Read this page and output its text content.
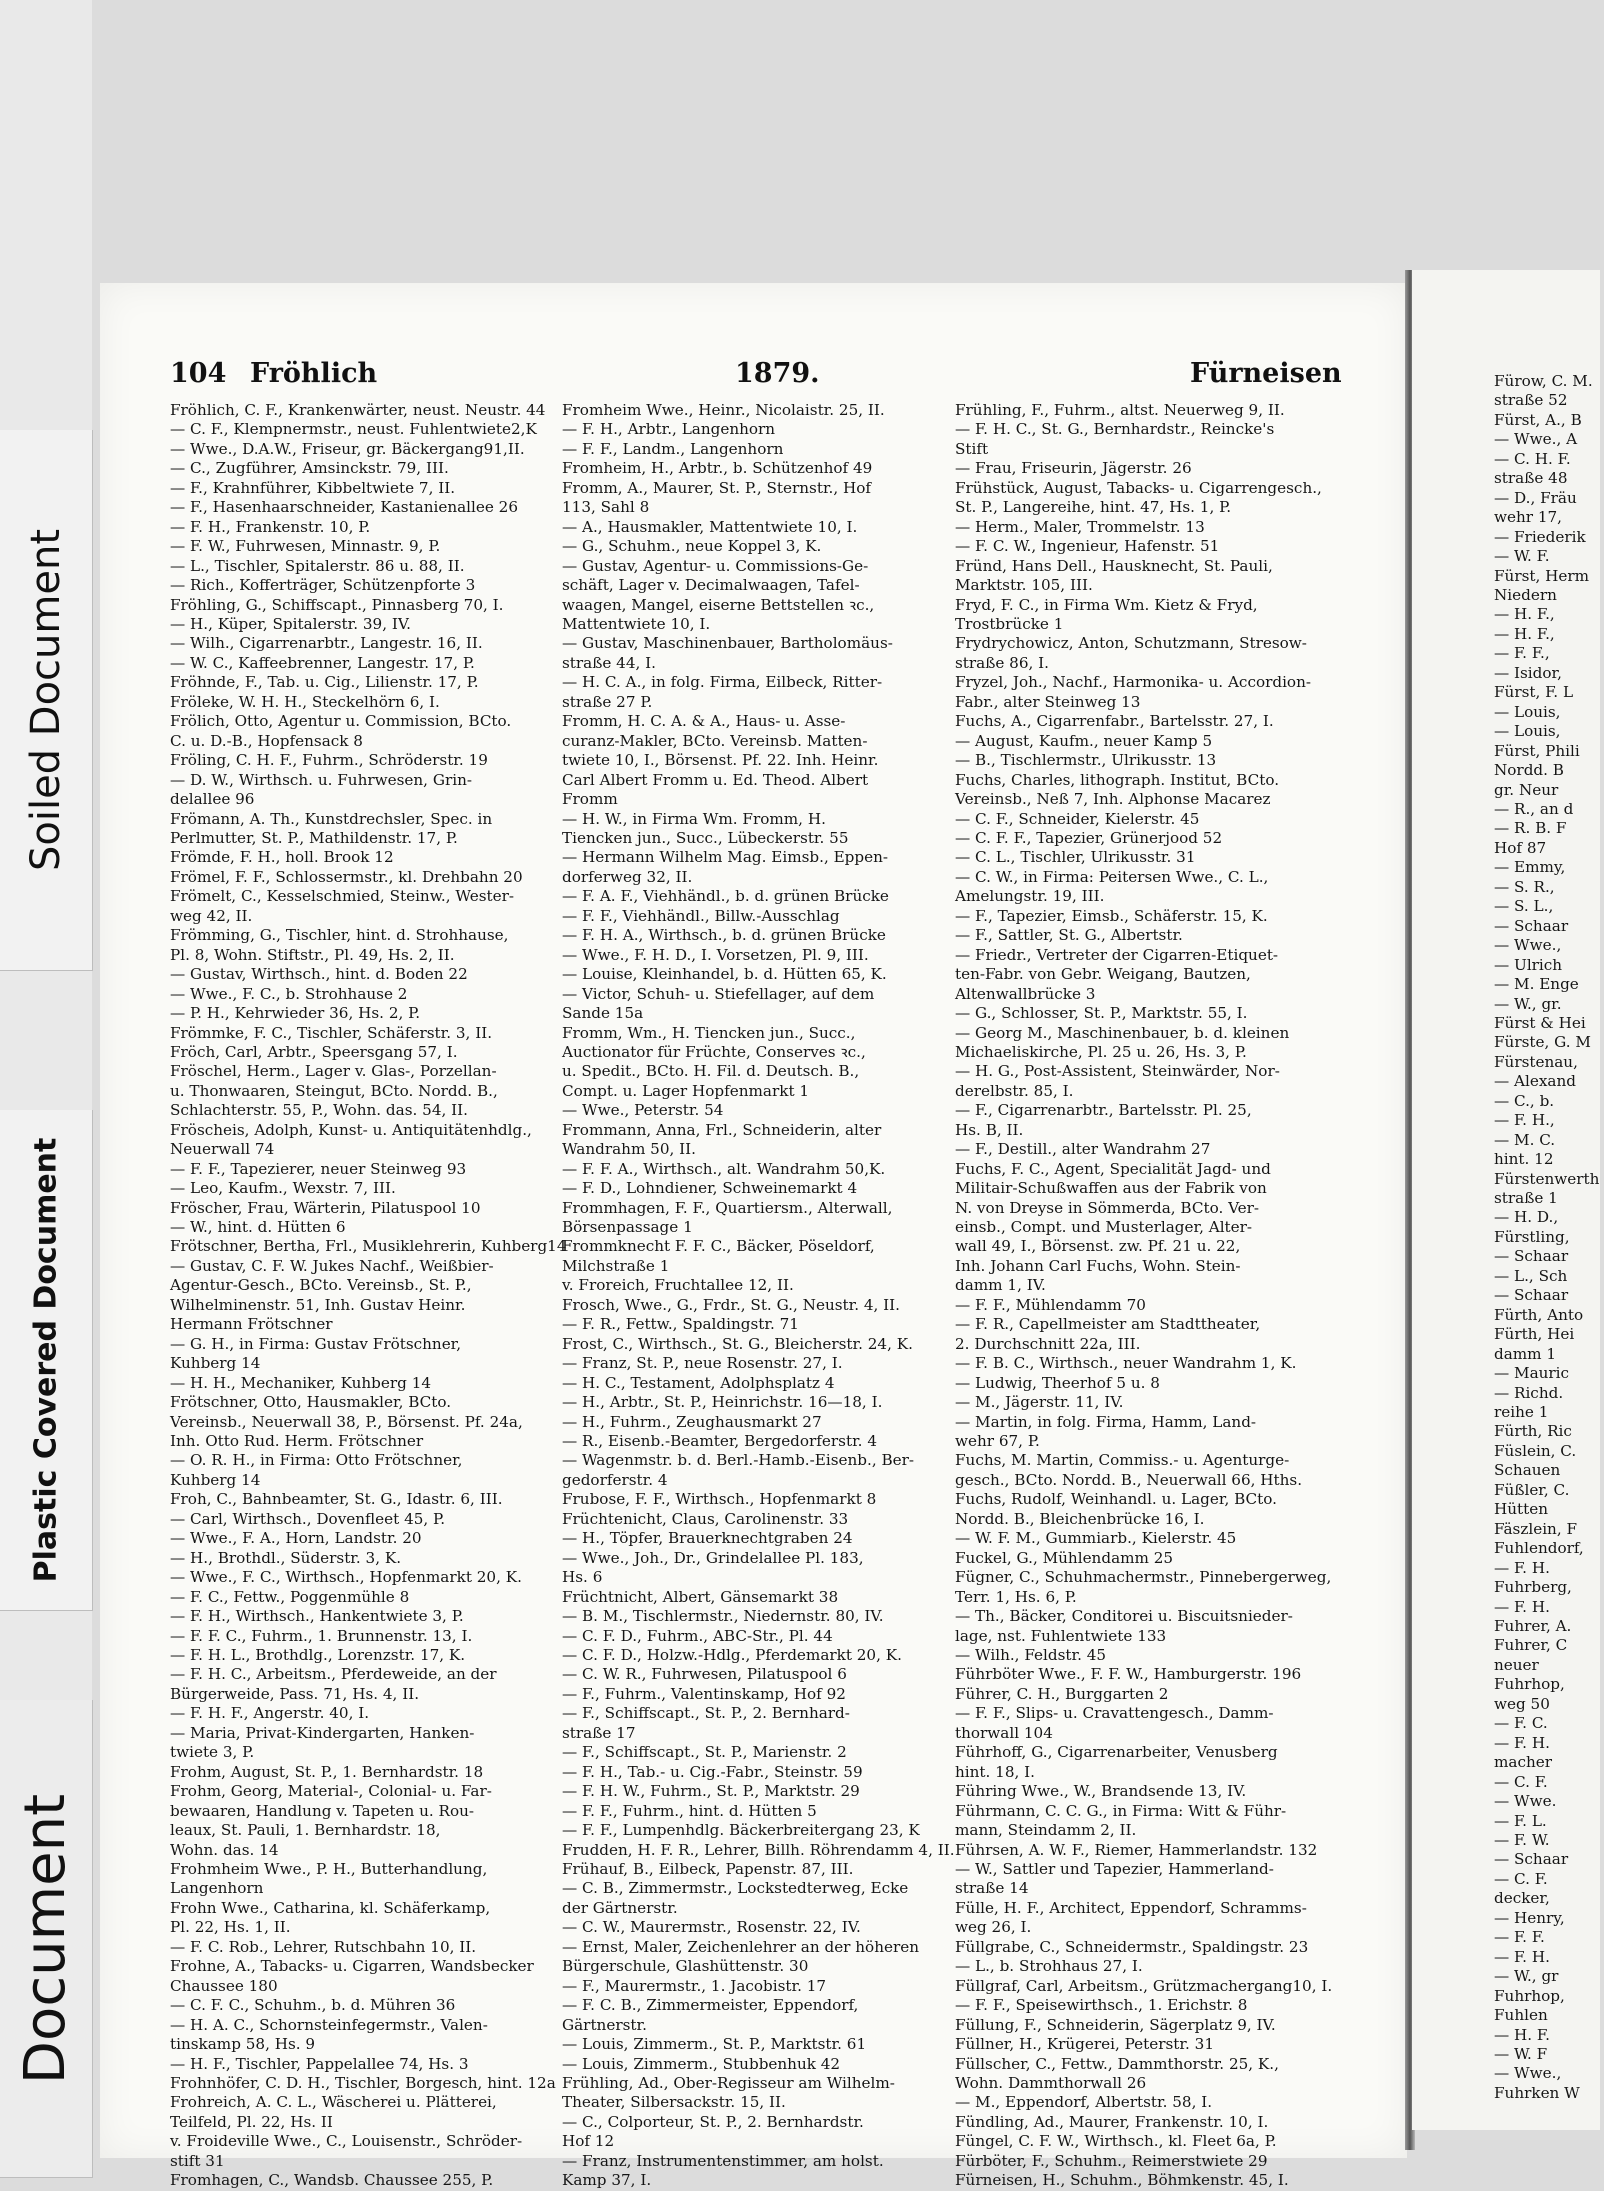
Soiled Document
Plastic Covered Document
Document
104 Fröhlich	1879.	Fürneisen
Fröhlich, C. F., Krankenwärter, neust. Neustr. 44
— C. F., Klempnermstr., neust. Fuhlentwiete2,K
— Wwe., D.A.W., Friseur, gr. Bäckergang91,II.
— C., Zugführer, Amsinckstr. 79, III.
— F., Krahnführer, Kibbeltwiete 7, II.
— F., Hasenhaarschneider, Kastanienallee 26
— F. H., Frankenstr. 10, P.
— F. W., Fuhrwesen, Minnastr. 9, P.
— L., Tischler, Spitalerstr. 86 u. 88, II.
— Rich., Kofferträger, Schützenpforte 3
Fröhling, G., Schiffscapt., Pinnasberg 70, I.
— H., Küper, Spitalerstr. 39, IV.
— Wilh., Cigarrenarbtr., Langestr. 16, II.
— W. C., Kaffeebrenner, Langestr. 17, P.
Fröhnde, F., Tab. u. Cig., Lilienstr. 17, P.
Fröleke, W. H. H., Steckelhörn 6, I.
Frölich, Otto, Agentur u. Commission, BCto.
C. u. D.-B., Hopfensack 8
Fröling, C. H. F., Fuhrm., Schröderstr. 19
— D. W., Wirthsch. u. Fuhrwesen, Grin-
delallee 96
Frömann, A. Th., Kunstdrechsler, Spec. in
Perlmutter, St. P., Mathildenstr. 17, P.
Frömde, F. H., holl. Brook 12
Frömel, F. F., Schlossermstr., kl. Drehbahn 20
Frömelt, C., Kesselschmied, Steinw., Wester-
weg 42, II.
Frömming, G., Tischler, hint. d. Strohhause,
Pl. 8, Wohn. Stiftstr., Pl. 49, Hs. 2, II.
— Gustav, Wirthsch., hint. d. Boden 22
— Wwe., F. C., b. Strohhause 2
— P. H., Kehrwieder 36, Hs. 2, P.
Frömmke, F. C., Tischler, Schäferstr. 3, II.
Fröch, Carl, Arbtr., Speersgang 57, I.
Fröschel, Herm., Lager v. Glas-, Porzellan-
u. Thonwaaren, Steingut, BCto. Nordd. B.,
Schlachterstr. 55, P., Wohn. das. 54, II.
Fröscheis, Adolph, Kunst- u. Antiquitätenhdlg.,
Neuerwall 74
— F. F., Tapezierer, neuer Steinweg 93
— Leo, Kaufm., Wexstr. 7, III.
Fröscher, Frau, Wärterin, Pilatuspool 10
— W., hint. d. Hütten 6
Frötschner, Bertha, Frl., Musiklehrerin, Kuhberg14
— Gustav, C. F. W. Jukes Nachf., Weißbier-
Agentur-Gesch., BCto. Vereinsb., St. P.,
Wilhelminenstr. 51, Inh. Gustav Heinr.
Hermann Frötschner
— G. H., in Firma: Gustav Frötschner,
Kuhberg 14
— H. H., Mechaniker, Kuhberg 14
Frötschner, Otto, Hausmakler, BCto.
Vereinsb., Neuerwall 38, P., Börsenst. Pf. 24a,
Inh. Otto Rud. Herm. Frötschner
— O. R. H., in Firma: Otto Frötschner,
Kuhberg 14
Froh, C., Bahnbeamter, St. G., Idastr. 6, III.
— Carl, Wirthsch., Dovenfleet 45, P.
— Wwe., F. A., Horn, Landstr. 20
— H., Brothdl., Süderstr. 3, K.
— Wwe., F. C., Wirthsch., Hopfenmarkt 20, K.
— F. C., Fettw., Poggenmühle 8
— F. H., Wirthsch., Hankentwiete 3, P.
— F. F. C., Fuhrm., 1. Brunnenstr. 13, I.
— F. H. L., Brothdlg., Lorenzstr. 17, K.
— F. H. C., Arbeitsm., Pferdeweide, an der
Bürgerweide, Pass. 71, Hs. 4, II.
— F. H. F., Angerstr. 40, I.
— Maria, Privat-Kindergarten, Hanken-
twiete 3, P.
Frohm, August, St. P., 1. Bernhardstr. 18
Frohm, Georg, Material-, Colonial- u. Far-
bewaaren, Handlung v. Tapeten u. Rou-
leaux, St. Pauli, 1. Bernhardstr. 18,
Wohn. das. 14
Frohmheim Wwe., P. H., Butterhandlung,
Langenhorn
Frohn Wwe., Catharina, kl. Schäferkamp,
Pl. 22, Hs. 1, II.
— F. C. Rob., Lehrer, Rutschbahn 10, II.
Frohne, A., Tabacks- u. Cigarren, Wandsbecker
Chaussee 180
— C. F. C., Schuhm., b. d. Mühren 36
— H. A. C., Schornsteinfegermstr., Valen-
tinskamp 58, Hs. 9
— H. F., Tischler, Pappelallee 74, Hs. 3
Frohnhöfer, C. D. H., Tischler, Borgesch, hint. 12a
Frohreich, A. C. L., Wäscherei u. Plätterei,
Teilfeld, Pl. 22, Hs. II
v. Froideville Wwe., C., Louisenstr., Schröder-
stift 31
Fromhagen, C., Wandsb. Chaussee 255, P.
Fromheim Wwe., Heinr., Nicolaistr. 25, II.
— F. H., Arbtr., Langenhorn
— F. F., Landm., Langenhorn
Fromheim, H., Arbtr., b. Schützenhof 49
Fromm, A., Maurer, St. P., Sternstr., Hof
113, Sahl 8
— A., Hausmakler, Mattentwiete 10, I.
— G., Schuhm., neue Koppel 3, K.
— Gustav, Agentur- u. Commissions-Ge-
schäft, Lager v. Decimalwaagen, Tafel-
waagen, Mangel, eiserne Bettstellen ꝛc.,
Mattentwiete 10, I.
— Gustav, Maschinenbauer, Bartholomäus-
straße 44, I.
— H. C. A., in folg. Firma, Eilbeck, Ritter-
straße 27 P.
Fromm, H. C. A. & A., Haus- u. Asse-
curanz-Makler, BCto. Vereinsb. Matten-
twiete 10, I., Börsenst. Pf. 22. Inh. Heinr.
Carl Albert Fromm u. Ed. Theod. Albert
Fromm
— H. W., in Firma Wm. Fromm, H.
Tiencken jun., Succ., Lübeckerstr. 55
— Hermann Wilhelm Mag. Eimsb., Eppen-
dorferweg 32, II.
— F. A. F., Viehhändl., b. d. grünen Brücke
— F. F., Viehhändl., Billw.-Ausschlag
— F. H. A., Wirthsch., b. d. grünen Brücke
— Wwe., F. H. D., I. Vorsetzen, Pl. 9, III.
— Louise, Kleinhandel, b. d. Hütten 65, K.
— Victor, Schuh- u. Stiefellager, auf dem
Sande 15a
Fromm, Wm., H. Tiencken jun., Succ.,
Auctionator für Früchte, Conserves ꝛc.,
u. Spedit., BCto. H. Fil. d. Deutsch. B.,
Compt. u. Lager Hopfenmarkt 1
— Wwe., Peterstr. 54
Frommann, Anna, Frl., Schneiderin, alter
Wandrahm 50, II.
— F. F. A., Wirthsch., alt. Wandrahm 50,K.
— F. D., Lohndiener, Schweinemarkt 4
Frommhagen, F. F., Quartiersm., Alterwall,
Börsenpassage 1
Frommknecht F. F. C., Bäcker, Pöseldorf,
Milchstraße 1
v. Froreich, Fruchtallee 12, II.
Frosch, Wwe., G., Frdr., St. G., Neustr. 4, II.
— F. R., Fettw., Spaldingstr. 71
Frost, C., Wirthsch., St. G., Bleicherstr. 24, K.
— Franz, St. P., neue Rosenstr. 27, I.
— H. C., Testament, Adolphsplatz 4
— H., Arbtr., St. P., Heinrichstr. 16—18, I.
— H., Fuhrm., Zeughausmarkt 27
— R., Eisenb.-Beamter, Bergedorferstr. 4
— Wagenmstr. b. d. Berl.-Hamb.-Eisenb., Ber-
gedorferstr. 4
Frubose, F. F., Wirthsch., Hopfenmarkt 8
Früchtenicht, Claus, Carolinenstr. 33
— H., Töpfer, Brauerknechtgraben 24
— Wwe., Joh., Dr., Grindelallee Pl. 183,
Hs. 6
Früchtnicht, Albert, Gänsemarkt 38
— B. M., Tischlermstr., Niedernstr. 80, IV.
— C. F. D., Fuhrm., ABC-Str., Pl. 44
— C. F. D., Holzw.-Hdlg., Pferdemarkt 20, K.
— C. W. R., Fuhrwesen, Pilatuspool 6
— F., Fuhrm., Valentinskamp, Hof 92
— F., Schiffscapt., St. P., 2. Bernhard-
straße 17
— F., Schiffscapt., St. P., Marienstr. 2
— F. H., Tab.- u. Cig.-Fabr., Steinstr. 59
— F. H. W., Fuhrm., St. P., Marktstr. 29
— F. F., Fuhrm., hint. d. Hütten 5
— F. F., Lumpenhdlg. Bäckerbreitergang 23, K
Frudden, H. F. R., Lehrer, Billh. Röhrendamm 4, II.
Frühauf, B., Eilbeck, Papenstr. 87, III.
— C. B., Zimmermstr., Lockstedterweg, Ecke
der Gärtnerstr.
— C. W., Maurermstr., Rosenstr. 22, IV.
— Ernst, Maler, Zeichenlehrer an der höheren
Bürgerschule, Glashüttenstr. 30
— F., Maurermstr., 1. Jacobistr. 17
— F. C. B., Zimmermeister, Eppendorf,
Gärtnerstr.
— Louis, Zimmerm., St. P., Marktstr. 61
— Louis, Zimmerm., Stubbenhuk 42
Frühling, Ad., Ober-Regisseur am Wilhelm-
Theater, Silbersackstr. 15, II.
— C., Colporteur, St. P., 2. Bernhardstr.
Hof 12
— Franz, Instrumentenstimmer, am holst.
Kamp 37, I.
Frühling, F., Fuhrm., altst. Neuerweg 9, II.
— F. H. C., St. G., Bernhardstr., Reincke's
Stift
— Frau, Friseurin, Jägerstr. 26
Frühstück, August, Tabacks- u. Cigarrengesch.,
St. P., Langereihe, hint. 47, Hs. 1, P.
— Herm., Maler, Trommelstr. 13
— F. C. W., Ingenieur, Hafenstr. 51
Fründ, Hans Dell., Hausknecht, St. Pauli,
Marktstr. 105, III.
Fryd, F. C., in Firma Wm. Kietz & Fryd,
Trostbrücke 1
Frydrychowicz, Anton, Schutzmann, Stresow-
straße 86, I.
Fryzel, Joh., Nachf., Harmonika- u. Accordion-
Fabr., alter Steinweg 13
Fuchs, A., Cigarrenfabr., Bartelsstr. 27, I.
— August, Kaufm., neuer Kamp 5
— B., Tischlermstr., Ulrikusstr. 13
Fuchs, Charles, lithograph. Institut, BCto.
Vereinsb., Neß 7, Inh. Alphonse Macarez
— C. F., Schneider, Kielerstr. 45
— C. F. F., Tapezier, Grünerjood 52
— C. L., Tischler, Ulrikusstr. 31
— C. W., in Firma: Peitersen Wwe., C. L.,
Amelungstr. 19, III.
— F., Tapezier, Eimsb., Schäferstr. 15, K.
— F., Sattler, St. G., Albertstr.
— Friedr., Vertreter der Cigarren-Etiquet-
ten-Fabr. von Gebr. Weigang, Bautzen,
Altenwallbrücke 3
— G., Schlosser, St. P., Marktstr. 55, I.
— Georg M., Maschinenbauer, b. d. kleinen
Michaeliskirche, Pl. 25 u. 26, Hs. 3, P.
— H. G., Post-Assistent, Steinwärder, Nor-
derelbstr. 85, I.
— F., Cigarrenarbtr., Bartelsstr. Pl. 25,
Hs. B, II.
— F., Destill., alter Wandrahm 27
Fuchs, F. C., Agent, Specialität Jagd- und
Militair-Schußwaffen aus der Fabrik von
N. von Dreyse in Sömmerda, BCto. Ver-
einsb., Compt. und Musterlager, Alter-
wall 49, I., Börsenst. zw. Pf. 21 u. 22,
Inh. Johann Carl Fuchs, Wohn. Stein-
damm 1, IV.
— F. F., Mühlendamm 70
— F. R., Capellmeister am Stadttheater,
2. Durchschnitt 22a, III.
— F. B. C., Wirthsch., neuer Wandrahm 1, K.
— Ludwig, Theerhof 5 u. 8
— M., Jägerstr. 11, IV.
— Martin, in folg. Firma, Hamm, Land-
wehr 67, P.
Fuchs, M. Martin, Commiss.- u. Agenturge-
gesch., BCto. Nordd. B., Neuerwall 66, Hths.
Fuchs, Rudolf, Weinhandl. u. Lager, BCto.
Nordd. B., Bleichenbrücke 16, I.
— W. F. M., Gummiarb., Kielerstr. 45
Fuckel, G., Mühlendamm 25
Fügner, C., Schuhmachermstr., Pinnebergerweg,
Terr. 1, Hs. 6, P.
— Th., Bäcker, Conditorei u. Biscuitsnieder-
lage, nst. Fuhlentwiete 133
— Wilh., Feldstr. 45
Führböter Wwe., F. F. W., Hamburgerstr. 196
Führer, C. H., Burggarten 2
— F. F., Slips- u. Cravattengesch., Damm-
thorwall 104
Führhoff, G., Cigarrenarbeiter, Venusberg
hint. 18, I.
Führing Wwe., W., Brandsende 13, IV.
Führmann, C. C. G., in Firma: Witt & Führ-
mann, Steindamm 2, II.
Führsen, A. W. F., Riemer, Hammerlandstr. 132
— W., Sattler und Tapezier, Hammerland-
straße 14
Fülle, H. F., Architect, Eppendorf, Schramms-
weg 26, I.
Füllgrabe, C., Schneidermstr., Spaldingstr. 23
— L., b. Strohhaus 27, I.
Füllgraf, Carl, Arbeitsm., Grützmachergang10, I.
— F. F., Speisewirthsch., 1. Erichstr. 8
Füllung, F., Schneiderin, Sägerplatz 9, IV.
Füllner, H., Krügerei, Peterstr. 31
Füllscher, C., Fettw., Dammthorstr. 25, K.,
Wohn. Dammthorwall 26
— M., Eppendorf, Albertstr. 58, I.
Fündling, Ad., Maurer, Frankenstr. 10, I.
Füngel, C. F. W., Wirthsch., kl. Fleet 6a, P.
Fürböter, F., Schuhm., Reimerstwiete 29
Fürneisen, H., Schuhm., Böhmkenstr. 45, I.
Fürow, C. M.
straße 52
Fürst, A., B
— Wwe., A
— C. H. F.
straße 48
— D., Fräu
wehr 17,
— Friederik
— W. F.
Fürst, Herm
Niedern
— H. F.,
— H. F.,
— F. F.,
— Isidor,
Fürst, F. L
— Louis,
— Louis,
Fürst, Phili
Nordd. B
gr. Neur
— R., an d
— R. B. F
Hof 87
— Emmy,
— S. R.,
— S. L.,
— Schaar
— Wwe.,
— Ulrich
— M. Enge
— W., gr.
Fürst & Hei
Fürste, G. M
Fürstenau,
— Alexand
— C., b.
— F. H.,
— M. C.
hint. 12
Fürstenwerth
straße 1
— H. D.,
Fürstling,
— Schaar
— L., Sch
— Schaar
Fürth, Anto
Fürth, Hei
damm 1
— Mauric
— Richd.
reihe 1
Fürth, Ric
Füslein, C.
Schauen
Füßler, C.
Hütten
Fäszlein, F
Fuhlendorf,
— F. H.
Fuhrberg,
— F. H.
Fuhrer, A.
Fuhrer, C
neuer
Fuhrhop,
weg 50
— F. C.
— F. H.
macher
— C. F.
— Wwe.
— F. L.
— F. W.
— Schaar
— C. F.
decker,
— Henry,
— F. F.
— F. H.
— W., gr
Fuhrhop,
Fuhlen
— H. F.
— W. F
— Wwe.,
Fuhrken W
